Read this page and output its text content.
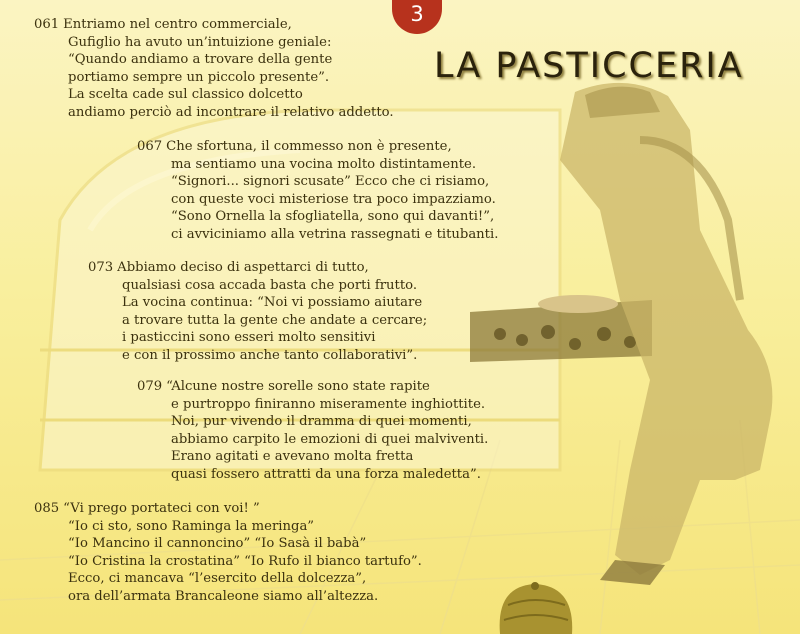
3
LA PASTICCERIA
061 Entriamo nel centro commerciale,
Gufiglio ha avuto un’intuizione geniale:
“Quando andiamo a trovare della gente
portiamo sempre un piccolo presente”.
La scelta cade sul classico dolcetto
andiamo perciò ad incontrare il relativo addetto.
067 Che sfortuna, il commesso non è presente,
ma sentiamo una vocina molto distintamente.
“Signori... signori scusate” Ecco che ci risiamo,
con queste voci misteriose tra poco impazziamo.
“Sono Ornella la sfogliatella, sono qui davanti!”,
ci avviciniamo alla vetrina rassegnati e titubanti.
073 Abbiamo deciso di aspettarci di tutto,
qualsiasi cosa accada basta che porti frutto.
La vocina continua: “Noi vi possiamo aiutare
a trovare tutta la gente che andate a cercare;
i pasticcini sono esseri molto sensitivi
e con il prossimo anche tanto collaborativi”.
079 “Alcune nostre sorelle sono state rapite
e purtroppo finiranno miseramente inghiottite.
Noi, pur vivendo il dramma di quei momenti,
abbiamo carpito le emozioni di quei malviventi.
Erano agitati e avevano molta fretta
quasi fossero attratti da una forza maledetta”.
085 “Vi prego portateci con voi! ”
“Io ci sto, sono Raminga la meringa”
“Io Mancino il cannoncino” “Io Sasà il babà”
“Io Cristina la crostatina” “Io Rufo il bianco tartufo”.
Ecco, ci mancava “l’esercito della dolcezza”,
ora dell’armata Brancaleone siamo all’altezza.
